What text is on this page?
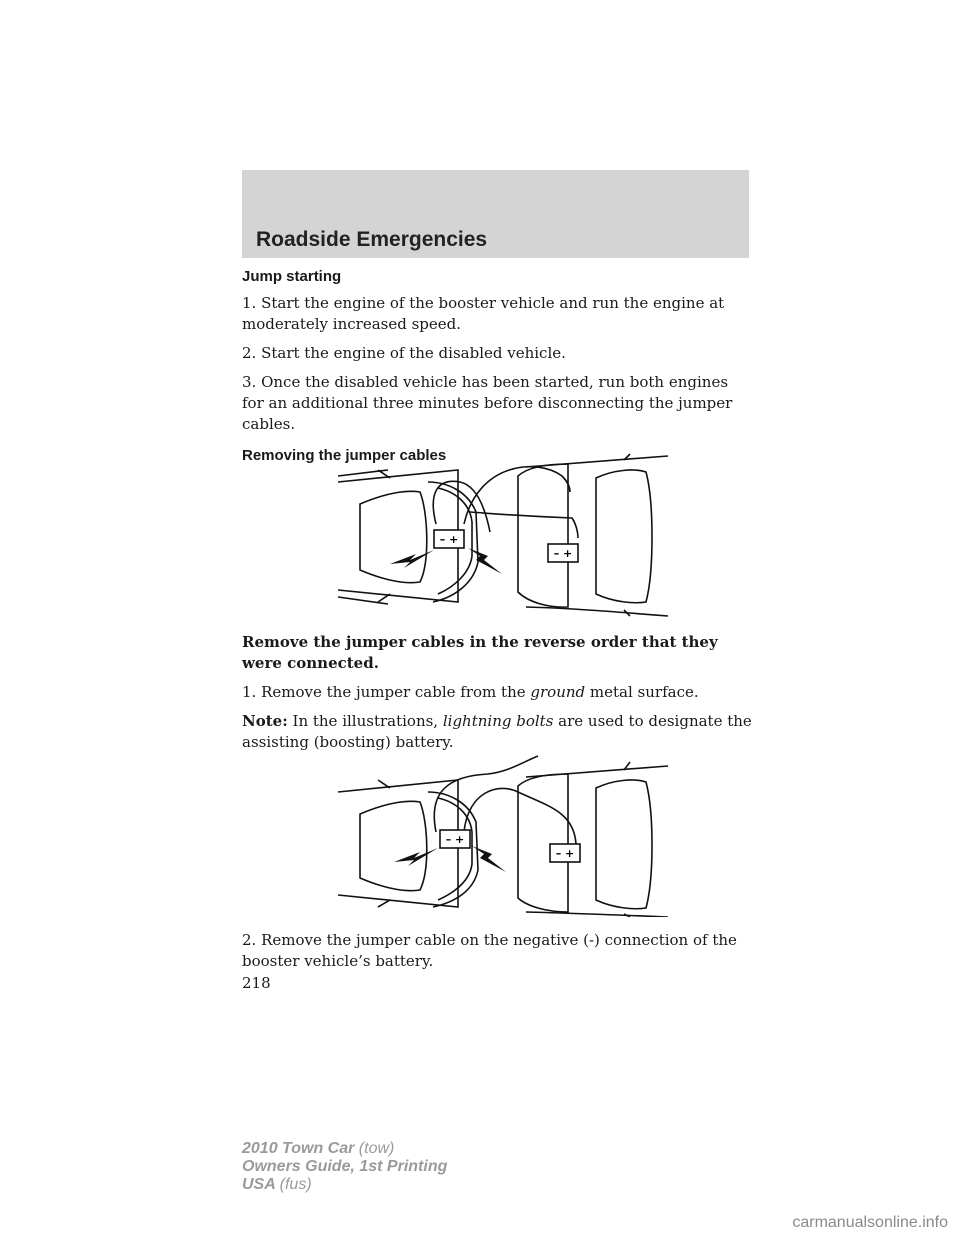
Roadside Emergencies
Jump starting

1. Start the engine of the booster vehicle and run the engine at moderately increased speed.

2. Start the engine of the disabled vehicle.

3. Once the disabled vehicle has been started, run both engines for an additional three minutes before disconnecting the jumper cables.

Removing the jumper cables
– +
– +

Remove the jumper cables in the reverse order that they were connected.

1. Remove the jumper cable from the ground metal surface.

Note: In the illustrations, lightning bolts are used to designate the assisting (boosting) battery.

– +
– +

2. Remove the jumper cable on the negative (-) connection of the booster vehicle’s battery.

218
2010 Town Car (tow)
Owners Guide, 1st Printing
USA (fus)
carmanualsonline.info
